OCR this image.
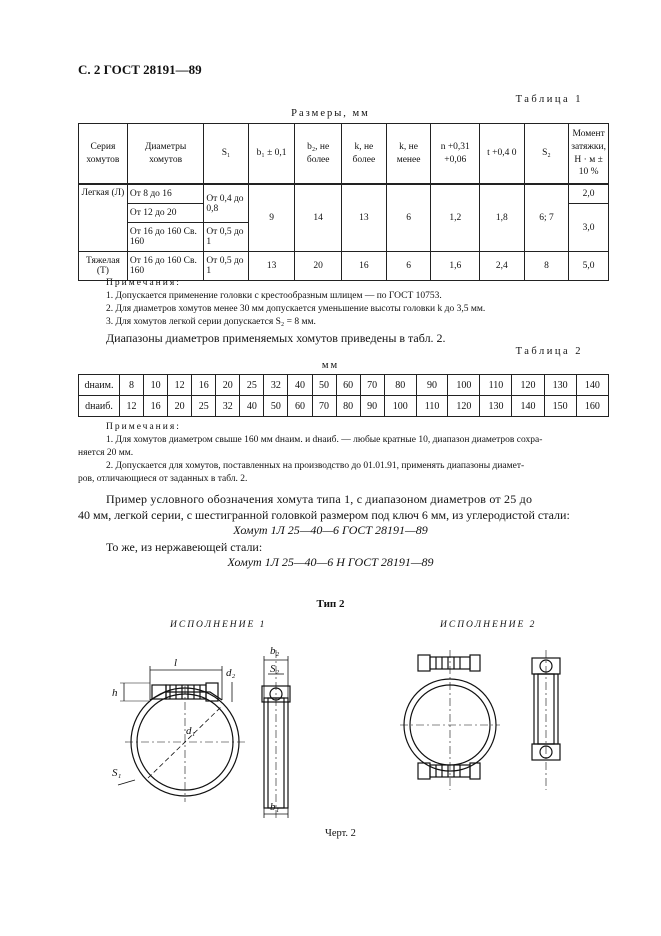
С. 2 ГОСТ 28191—89
Таблица 1
Размеры, мм
Серия хомутов	Диаметры хомутов	S₁	b₁ ± 0,1	b₂, не более	k, не более	k, не менее	n +0,31 +0,06	t +0,4 0	S₂	Момент затяжки, Н · м ± 10 %
Легкая (Л)	От 8 до 16	От 0,4 до 0,8	9	14	13	6	1,2	1,8	6; 7	2,0
	От 12 до 20									3,0
	От 16 до 160 Св. 160	От 0,5 до 1								
Тяжелая (Т)	От 16 до 160 Св. 160	От 0,5 до 1	13	20	16	6	1,6	2,4	8	5,0
Примечания:
1. Допускается применение головки с крестообразным шлицем — по ГОСТ 10753.
2. Для диаметров хомутов менее 30 мм допускается уменьшение высоты головки k до 3,5 мм.
3. Для хомутов легкой серии допускается S₂ = 8 мм.
Диапазоны диаметров применяемых хомутов приведены в табл. 2.
Таблица 2
мм
dнаим.	8	10	12	16	20	25	32	40	50	60	70	80	90	100	110	120	130	140
dнаиб.	12	16	20	25	32	40	50	60	70	80	90	100	110	120	130	140	150	160
Примечания:
1. Для хомутов диаметром свыше 160 мм dнаим. и dнаиб. — любые кратные 10, диапазон диаметров сохра-
няется 20 мм.
2. Допускается для хомутов, поставленных на производство до 01.01.91, применять диапазоны диамет-
ров, отличающиеся от заданных в табл. 2.
Пример условного обозначения хомута типа 1, с диапазоном диаметров от 25 до
40 мм, легкой серии, с шестигранной головкой размером под ключ 6 мм, из углеродистой стали:
Хомут 1Л 25—40—6 ГОСТ 28191—89
То же, из нержавеющей стали:
Хомут 1Л 25—40—6 Н ГОСТ 28191—89
Тип 2
ИСПОЛНЕНИЕ 1	ИСПОЛНЕНИЕ 2
l
h
d₂
d₁
S₁
b₂
S₂
b₁
Черт. 2
